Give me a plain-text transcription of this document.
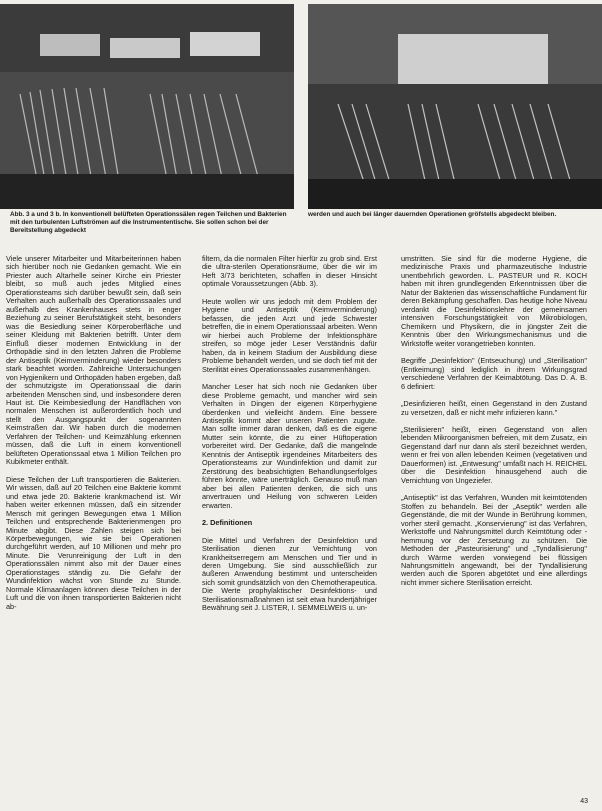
Abb. 3 a und 3 b. In konventionell belüfteten Operationssälen regen Teilchen und Bakterien mit den turbulenten Luftströmen auf die Instrumententische. Sie sollen schon bei der Bereitstellung abgedeckt

werden und auch bei länger dauernden Operationen gröfstells abgedeckt bleiben.

Viele unserer Mitarbeiter und Mitarbeiterinnen haben sich hierüber noch nie Gedanken gemacht. Wie ein Priester auch Altarhelle seiner Kirche ein Priester bleibt, so muß auch jedes Mitglied eines Operationsteams sich darüber bewußt sein, daß sein Verhalten auch außerhalb des Operationssaales und außerhalb des Krankenhauses stets in enger Beziehung zu seiner Berufstätigkeit steht, besonders was die Besiedlung seiner Körperoberfläche und seiner Kleidung mit Bakterien betrifft. Unter dem Einfluß dieser modernen Entwicklung in der Orthopädie sind in den letzten Jahren die Probleme der Antiseptik (Keimverminderung) wieder besonders stark beachtet worden. Zahlreiche Untersuchungen von Hygienikern und Orthopäden haben ergeben, daß der schmutzigste im Operationssaal die darin arbeitenden Menschen sind, und insbesondere deren Haut ist. Die Keimbesiedlung der Handflächen von normalen Menschen ist außerordentlich hoch und stellt den Ausgangspunkt der sogenannten Keimstraßen dar. Wir haben durch die modernen Verfahren der Teilchen- und Keimzählung erkennen müssen, daß die Luft in einem konventionell belüfteten Operationssaal etwa 1 Million Teilchen pro Kubikmeter enthält.

Diese Teilchen der Luft transportieren die Bakterien. Wir wissen, daß auf 20 Teilchen eine Bakterie kommt und etwa jede 20. Bakterie krankmachend ist. Wir haben weiter erkennen müssen, daß ein sitzender Mensch mit geringen Bewegungen etwa 1 Million Teilchen und entsprechende Bakterienmengen pro Minute abgibt. Diese Zahlen steigen sich bei Körperbewegungen, wie sie bei Operationen durchgeführt werden, auf 10 Millionen und mehr pro Minute. Die Verunreinigung der Luft in den Operationssälen nimmt also mit der Dauer eines Operationstages ständig zu. Die Gefahr der Wundinfektion wächst von Stunde zu Stunde. Normale Klimaanlagen können diese Teilchen in der Luft und die von ihnen transportierten Bakterien nicht ab-

filtern, da die normalen Filter hierfür zu grob sind. Erst die ultra-sterilen Operationsräume, über die wir im Heft 3/73 berichteten, schaffen in dieser Hinsicht optimale Voraussetzungen (Abb. 3).

Heute wollen wir uns jedoch mit dem Problem der Hygiene und Antiseptik (Keimverminderung) befassen, die jeden Arzt und jede Schwester betreffen, die in einem Operationssaal arbeiten. Wenn wir hierbei auch Probleme der Infektionsphäre streifen, so möge jeder Leser Verständnis dafür haben, da in keinem Stadium der Ausbildung diese Probleme behandelt werden, und sie doch tief mit der Sterilität eines Operationssaales zusammenhängen.

Mancher Leser hat sich noch nie Gedanken über diese Probleme gemacht, und mancher wird sein Verhalten in Dingen der eigenen Körperhygiene überdenken und vielleicht ändern. Eine bessere Antiseptik kommt aber unseren Patienten zugute. Man sollte immer daran denken, daß es die eigene Mutter sein könnte, die zu einer Hüftoperation vorbereitet wird. Der Gedanke, daß die mangelnde Kenntnis der Antiseptik irgendeines Mitarbeiters des Operationsteams zur Wundinfektion und damit zur Zerstörung des beabsichtigten Behandlungserfolges führen könnte, wäre unerträglich. Genauso muß man aber bei allen Patienten denken, die sich uns anvertrauen und Heilung von schweren Leiden erwarten.

2. Definitionen

Die Mittel und Verfahren der Desinfektion und Sterilisation dienen zur Vernichtung von Krankheitserregern am Menschen und Tier und in deren Umgebung. Sie sind ausschließlich zur äußeren Anwendung bestimmt und unterscheiden sich somit grundsätzlich von den Chemotherapeutica. Die Werte prophylaktischer Desinfektions- und Sterilisationsmaßnahmen ist seit etwa hundertjähriger Bewährung seit J. LISTER, I. SEMMELWEIS u. un-

umstritten. Sie sind für die moderne Hygiene, die medizinische Praxis und pharmazeutische Industrie unentbehrlich geworden. L. PASTEUR und R. KOCH haben mit ihren grundlegenden Erkenntnissen über die Natur der Bakterien das wissenschaftliche Fundament für deren Bekämpfung geschaffen. Das heutige hohe Niveau verdankt die Desinfektionslehre der gemeinsamen intensiven Forschungstätigkeit von Mikrobiologen, Chemikern und Physikern, die in jüngster Zeit die Kenntnis über den Wirkungsmechanismus und die Wirkstoffe weiter vorangetrieben konnten.

Begriffe „Desinfektion" (Entseuchung) und „Sterilisation" (Entkeimung) sind lediglich in ihrem Wirkungsgrad verschiedene Verfahren der Keimabtötung. Das D. A. B. 6 definiert:

„Desinfizieren heißt, einen Gegenstand in den Zustand zu versetzen, daß er nicht mehr infizieren kann."

„Sterilisieren" heißt, einen Gegenstand von allen lebenden Mikroorganismen befreien, mit dem Zusatz, ein Gegenstand darf nur dann als steril bezeichnet werden, wenn er frei von allen lebenden Keimen (vegetativen und Dauerformen) ist. „Entwesung" umfaßt nach H. REICHEL über die Desinfektion hinausgehend auch die Vernichtung von Ungeziefer.

„Antiseptik" ist das Verfahren, Wunden mit keimtötenden Stoffen zu behandeln. Bei der „Aseptik" werden alle Gegenstände, die mit der Wunde in Berührung kommen, vorher steril gemacht. „Konservierung" ist das Verfahren, Werkstoffe und Nahrungsmittel durch Keimtötung oder -hemmung vor der Zersetzung zu schützen. Die Methoden der „Pasteurisierung" und „Tyndallisierung" durch Wärme werden vorwiegend bei flüssigen Nahrungsmitteln angewandt, bei der Tyndallisierung werden auch die Sporen abgetötet und eine allerdings nicht immer sichere Sterilisation erreicht.

43
